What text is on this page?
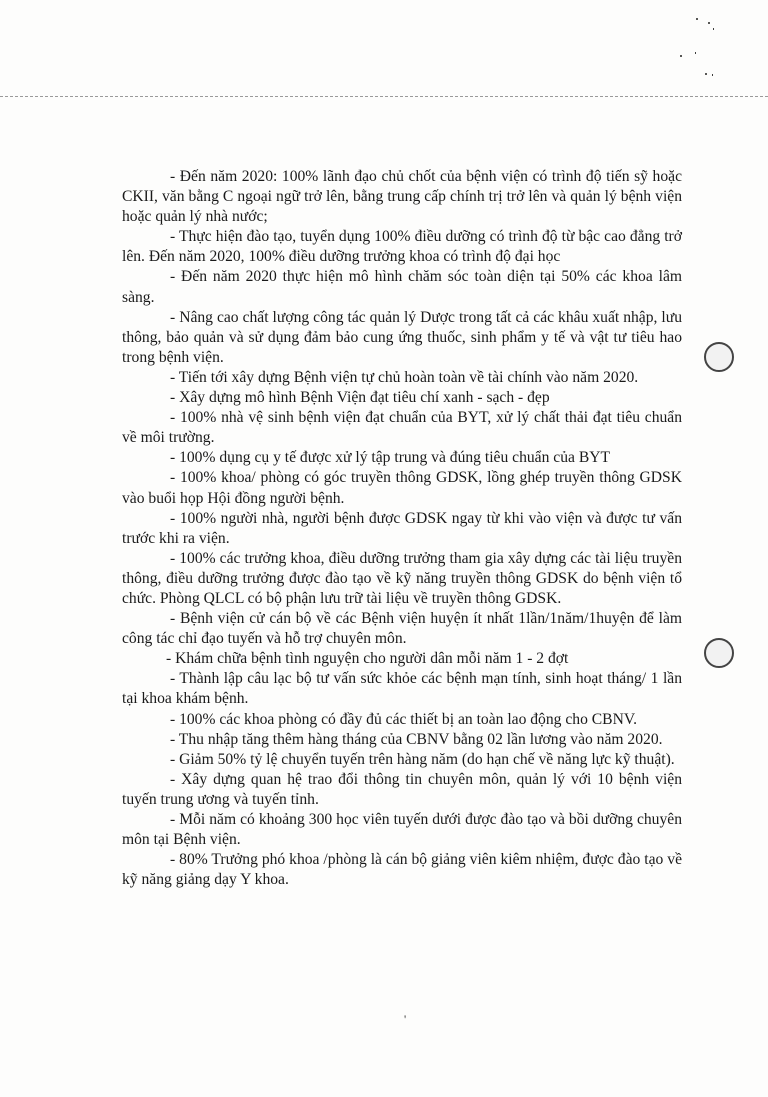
- Đến năm 2020: 100% lãnh đạo chủ chốt của bệnh viện có trình độ tiến sỹ hoặc CKII, văn bằng C ngoại ngữ trở lên, bằng trung cấp chính trị trở lên và quản lý bệnh viện hoặc quản lý nhà nước;

- Thực hiện đào tạo, tuyển dụng 100% điều dưỡng có trình độ từ bậc cao đẳng trở lên. Đến năm 2020, 100% điều dưỡng trưởng khoa có trình độ đại học

- Đến năm 2020 thực hiện mô hình chăm sóc toàn diện tại 50% các khoa lâm sàng.

- Nâng cao chất lượng công tác quản lý Dược trong tất cả các khâu xuất nhập, lưu thông, bảo quản và sử dụng đảm bảo cung ứng thuốc, sinh phẩm y tế và vật tư tiêu hao trong bệnh viện.

- Tiến tới xây dựng Bệnh viện tự chủ hoàn toàn về tài chính vào năm 2020.

- Xây dựng mô hình Bệnh Viện đạt tiêu chí xanh - sạch - đẹp

- 100% nhà vệ sinh bệnh viện đạt chuẩn của BYT, xử lý chất thải đạt tiêu chuẩn về môi trường.

- 100% dụng cụ y tế được xử lý tập trung và đúng tiêu chuẩn của BYT

- 100% khoa/ phòng có góc truyền thông GDSK, lồng ghép truyền thông GDSK vào buổi họp Hội đồng người bệnh.

- 100% người nhà, người bệnh được GDSK ngay từ khi vào viện và được tư vấn trước khi ra viện.

- 100% các trưởng khoa, điều dưỡng trưởng tham gia xây dựng các tài liệu truyền thông, điều dưỡng trưởng được đào tạo về kỹ năng truyền thông GDSK do bệnh viện tổ chức. Phòng QLCL có bộ phận lưu trữ tài liệu về truyền thông GDSK.

- Bệnh viện cử cán bộ về các Bệnh viện huyện ít nhất 1lần/1năm/1huyện để làm công tác chỉ đạo tuyến và hỗ trợ chuyên môn.

- Khám chữa bệnh tình nguyện cho người dân mỗi năm 1 - 2 đợt

- Thành lập câu lạc bộ tư vấn sức khỏe các bệnh mạn tính, sinh hoạt tháng/ 1 lần tại khoa khám bệnh.

- 100% các khoa phòng có đầy đủ các thiết bị an toàn lao động cho CBNV.

- Thu nhập tăng thêm hàng tháng của CBNV bằng 02 lần lương vào năm 2020.

- Giảm 50% tỷ lệ chuyển tuyến trên hàng năm (do hạn chế về năng lực kỹ thuật).

- Xây dựng quan hệ trao đổi thông tin chuyên môn, quản lý với 10 bệnh viện tuyến trung ương và tuyến tỉnh.

- Mỗi năm có khoảng 300 học viên tuyến dưới được đào tạo và bồi dưỡng chuyên môn tại Bệnh viện.

- 80% Trưởng phó khoa /phòng là cán bộ giảng viên kiêm nhiệm, được đào tạo về kỹ năng giảng dạy Y khoa.

'
